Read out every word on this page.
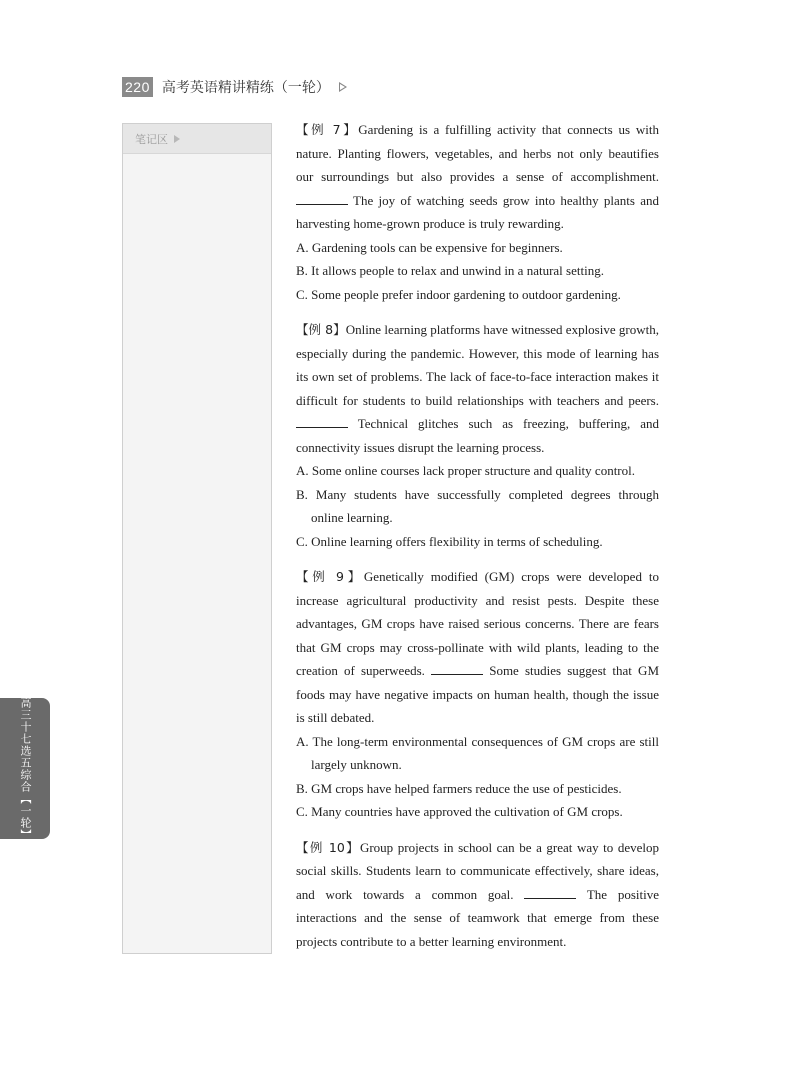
220 高考英语精讲精练（一轮）
笔记区
高三十七选五综合【一轮】

【例 7】Gardening is a fulfilling activity that connects us with nature. Planting flowers, vegetables, and herbs not only beautifies our surroundings but also provides a sense of accomplishment.  The joy of watching seeds grow into healthy plants and harvesting home-grown produce is truly rewarding.

A. Gardening tools can be expensive for beginners.

B. It allows people to relax and unwind in a natural setting.

C. Some people prefer indoor gardening to outdoor gardening.

【例 8】Online learning platforms have witnessed explosive growth, especially during the pandemic. However, this mode of learning has its own set of problems. The lack of face-to-face interaction makes it difficult for students to build relationships with teachers and peers.  Technical glitches such as freezing, buffering, and connectivity issues disrupt the learning process.

A. Some online courses lack proper structure and quality control.

B. Many students have successfully completed degrees through online learning.

C. Online learning offers flexibility in terms of scheduling.

【例 9】Genetically modified (GM) crops were developed to increase agricultural productivity and resist pests. Despite these advantages, GM crops have raised serious concerns. There are fears that GM crops may cross-pollinate with wild plants, leading to the creation of superweeds.	Some studies suggest that GM foods may have negative impacts on human health, though the issue is still debated.

A. The long-term environmental consequences of GM crops are still largely unknown.

B. GM crops have helped farmers reduce the use of pesticides.

C. Many countries have approved the cultivation of GM crops.

【例 10】Group projects in school can be a great way to develop social skills. Students learn to communicate effectively, share ideas, and work towards a common goal.	The positive interactions and the sense of teamwork that emerge from these projects contribute to a better learning environment.
